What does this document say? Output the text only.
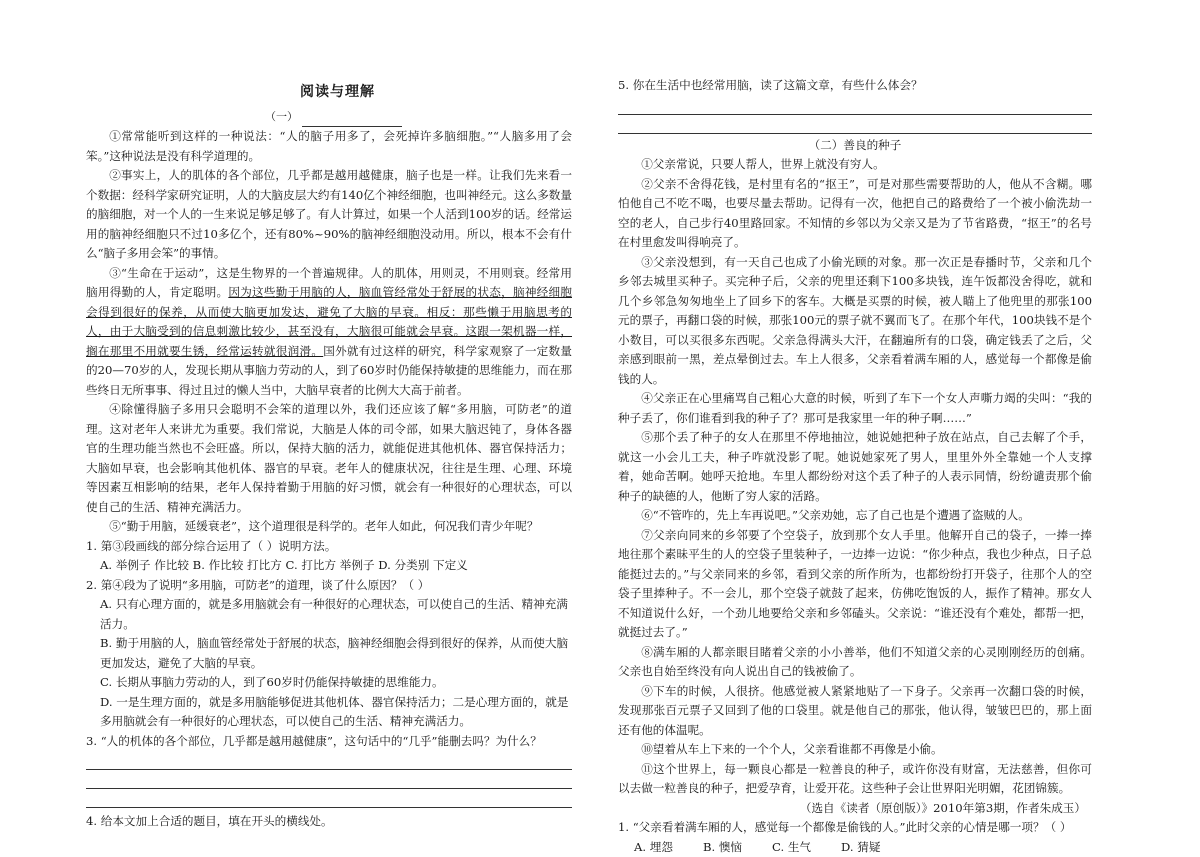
阅读与理解
（一）

①常常能听到这样的一种说法：“人的脑子用多了，会死掉许多脑细胞。”“人脑多用了会笨。”这种说法是没有科学道理的。

②事实上，人的肌体的各个部位，几乎都是越用越健康，脑子也是一样。让我们先来看一个数据：经科学家研究证明，人的大脑皮层大约有140亿个神经细胞，也叫神经元。这么多数量的脑细胞，对一个人的一生来说足够足够了。有人计算过，如果一个人活到100岁的话。经常运用的脑神经细胞只不过10多亿个，还有80%~90%的脑神经细胞没动用。所以，根本不会有什么“脑子多用会笨”的事情。

③“生命在于运动”，这是生物界的一个普遍规律。人的肌体，用则灵，不用则衰。经常用脑用得勤的人，肯定聪明。因为这些勤于用脑的人，脑血管经常处于舒展的状态，脑神经细胞会得到很好的保养，从而使大脑更加发达，避免了大脑的早衰。相反：那些懒于用脑思考的人，由于大脑受到的信息刺激比较少，甚至没有，大脑很可能就会早衰。这跟一架机器一样，搁在那里不用就要生锈，经常运转就很润滑。国外就有过这样的研究，科学家观察了一定数量的20—70岁的人，发现长期从事脑力劳动的人，到了60岁时仍能保持敏捷的思维能力，而在那些终日无所事事、得过且过的懒人当中，大脑早衰者的比例大大高于前者。

④除懂得脑子多用只会聪明不会笨的道理以外，我们还应该了解“多用脑，可防老”的道理。这对老年人来讲尤为重要。我们常说，大脑是人体的司令部，如果大脑迟钝了，身体各器官的生理功能当然也不会旺盛。所以，保持大脑的活力，就能促进其他机体、器官保持活力；大脑如早衰，也会影响其他机体、器官的早衰。老年人的健康状况，往往是生理、心理、环境等因素互相影响的结果，老年人保持着勤于用脑的好习惯，就会有一种很好的心理状态，可以使自己的生活、精神充满活力。

⑤“勤于用脑，延缓衰老”，这个道理很是科学的。老年人如此，何况我们青少年呢？

1. 第③段画线的部分综合运用了（ ）说明方法。

A. 举例子 作比较 B. 作比较 打比方 C. 打比方 举例子 D. 分类别 下定义

2. 第④段为了说明“多用脑，可防老”的道理，谈了什么原因？（ ）

A. 只有心理方面的，就是多用脑就会有一种很好的心理状态，可以使自己的生活、精神充满活力。

B. 勤于用脑的人，脑血管经常处于舒展的状态，脑神经细胞会得到很好的保养，从而使大脑更加发达，避免了大脑的早衰。

C. 长期从事脑力劳动的人，到了60岁时仍能保持敏捷的思维能力。

D. 一是生理方面的，就是多用脑能够促进其他机体、器官保持活力；二是心理方面的，就是多用脑就会有一种很好的心理状态，可以使自己的生活、精神充满活力。

3. “人的机体的各个部位，几乎都是越用越健康”，这句话中的“几乎”能删去吗？为什么？

4. 给本文加上合适的题目，填在开头的横线处。

5. 你在生活中也经常用脑，读了这篇文章，有些什么体会？

（二）善良的种子

①父亲常说，只要人帮人，世界上就没有穷人。

②父亲不舍得花钱，是村里有名的“抠王”，可是对那些需要帮助的人，他从不含糊。哪怕他自己不吃不喝，也要尽量去帮助。记得有一次，他把自己的路费给了一个被小偷洗劫一空的老人，自己步行40里路回家。不知情的乡邻以为父亲又是为了节省路费，“抠王”的名号在村里愈发叫得响亮了。

③父亲没想到，有一天自己也成了小偷光顾的对象。那一次正是春播时节，父亲和几个乡邻去城里买种子。买完种子后，父亲的兜里还剩下100多块钱，连午饭都没舍得吃，就和几个乡邻急匆匆地坐上了回乡下的客车。大概是买票的时候，被人瞄上了他兜里的那张100元的票子，再翻口袋的时候，那张100元的票子就不翼而飞了。在那个年代，100块钱不是个小数目，可以买很多东西呢。父亲急得满头大汗，在翻遍所有的口袋，确定钱丢了之后，父亲感到眼前一黑，差点晕倒过去。车上人很多，父亲看着满车厢的人，感觉每一个都像是偷钱的人。

④父亲正在心里痛骂自己粗心大意的时候，听到了车下一个女人声嘶力竭的尖叫：“我的种子丢了，你们谁看到我的种子了？那可是我家里一年的种子啊……”

⑤那个丢了种子的女人在那里不停地抽泣，她说她把种子放在站点，自己去解了个手，就这一小会儿工夫，种子咋就没影了呢。她说她家死了男人，里里外外全靠她一个人支撑着，她命苦啊。她呼天抢地。车里人都纷纷对这个丢了种子的人表示同情，纷纷谴责那个偷种子的缺德的人，他断了穷人家的活路。

⑥“不管咋的，先上车再说吧。”父亲劝她，忘了自己也是个遭遇了盗贼的人。

⑦父亲向同来的乡邻要了个空袋子，放到那个女人手里。他解开自己的袋子，一捧一捧地往那个素昧平生的人的空袋子里装种子，一边捧一边说：“你少种点，我也少种点，日子总能挺过去的。”与父亲同来的乡邻，看到父亲的所作所为，也都纷纷打开袋子，往那个人的空袋子里捧种子。不一会儿，那个空袋子就鼓了起来，仿佛吃饱饭的人，振作了精神。那女人不知道说什么好，一个劲儿地要给父亲和乡邻磕头。父亲说：“谁还没有个难处，都帮一把，就挺过去了。”

⑧满车厢的人都亲眼目睹着父亲的小小善举，他们不知道父亲的心灵刚刚经历的创痛。父亲也自始至终没有向人说出自己的钱被偷了。

⑨下车的时候，人很挤。他感觉被人紧紧地贴了一下身子。父亲再一次翻口袋的时候，发现那张百元票子又回到了他的口袋里。就是他自己的那张，他认得，皱皱巴巴的，那上面还有他的体温呢。

⑩望着从车上下来的一个个人，父亲看谁都不再像是小偷。

⑪这个世界上，每一颗良心都是一粒善良的种子，或许你没有财富，无法慈善，但你可以去做一粒善良的种子，把爱孕育，让爱开花。这些种子会让世界阳光明媚，花团锦簇。

（选自《读者（原创版）》2010年第3期，作者朱成玉）

1. “父亲看着满车厢的人，感觉每一个都像是偷钱的人。”此时父亲的心情是哪一项？（ ）

A. 埋怨	B. 懊恼	C. 生气	D. 猜疑
